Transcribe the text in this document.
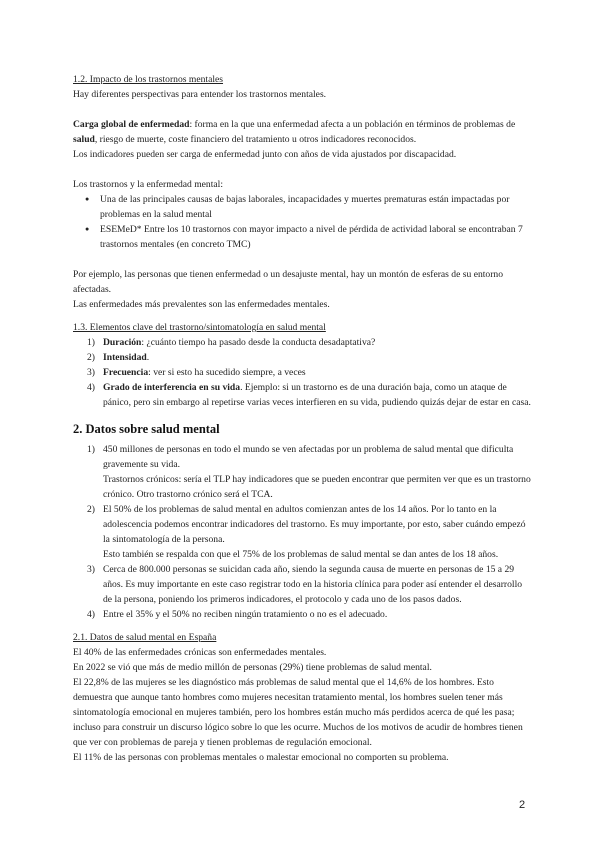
1.2. Impacto de los trastornos mentales

Hay diferentes perspectivas para entender los trastornos mentales.

Carga global de enfermedad: forma en la que una enfermedad afecta a un población en términos de problemas de salud, riesgo de muerte, coste financiero del tratamiento u otros indicadores reconocidos.

Los indicadores pueden ser carga de enfermedad junto con años de vida ajustados por discapacidad.

Los trastornos y la enfermedad mental:

● Una de las principales causas de bajas laborales, incapacidades y muertes prematuras están impactadas por problemas en la salud mental
● ESEMeD* Entre los 10 trastornos con mayor impacto a nivel de pérdida de actividad laboral se encontraban 7 trastornos mentales (en concreto TMC)

Por ejemplo, las personas que tienen enfermedad o un desajuste mental, hay un montón de esferas de su entorno afectadas.

Las enfermedades más prevalentes son las enfermedades mentales.

1.3. Elementos clave del trastorno/sintomatología en salud mental

1) Duración: ¿cuánto tiempo ha pasado desde la conducta desadaptativa?
2) Intensidad.
3) Frecuencia: ver si esto ha sucedido siempre, a veces
4) Grado de interferencia en su vida. Ejemplo: si un trastorno es de una duración baja, como un ataque de pánico, pero sin embargo al repetirse varias veces interfieren en su vida, pudiendo quizás dejar de estar en casa.
2. Datos sobre salud mental
1) 450 millones de personas en todo el mundo se ven afectadas por un problema de salud mental que dificulta gravemente su vida.

Trastornos crónicos: sería el TLP hay indicadores que se pueden encontrar que permiten ver que es un trastorno crónico. Otro trastorno crónico será el TCA.

2) El 50% de los problemas de salud mental en adultos comienzan antes de los 14 años. Por lo tanto en la adolescencia podemos encontrar indicadores del trastorno. Es muy importante, por esto, saber cuándo empezó la sintomatología de la persona.

Esto también se respalda con que el 75% de los problemas de salud mental se dan antes de los 18 años.

3) Cerca de 800.000 personas se suicidan cada año, siendo la segunda causa de muerte en personas de 15 a 29 años. Es muy importante en este caso registrar todo en la historia clínica para poder así entender el desarrollo de la persona, poniendo los primeros indicadores, el protocolo y cada uno de los pasos dados.

4) Entre el 35% y el 50% no reciben ningún tratamiento o no es el adecuado.

2.1. Datos de salud mental en España

El 40% de las enfermedades crónicas son enfermedades mentales.

En 2022 se vió que más de medio millón de personas (29%) tiene problemas de salud mental.

El 22,8% de las mujeres se les diagnóstico más problemas de salud mental que el 14,6% de los hombres. Esto demuestra que aunque tanto hombres como mujeres necesitan tratamiento mental, los hombres suelen tener más sintomatología emocional en mujeres también, pero los hombres están mucho más perdidos acerca de qué les pasa; incluso para construir un discurso lógico sobre lo que les ocurre. Muchos de los motivos de acudir de hombres tienen que ver con problemas de pareja y tienen problemas de regulación emocional.

El 11% de las personas con problemas mentales o malestar emocional no comporten su problema.

2
